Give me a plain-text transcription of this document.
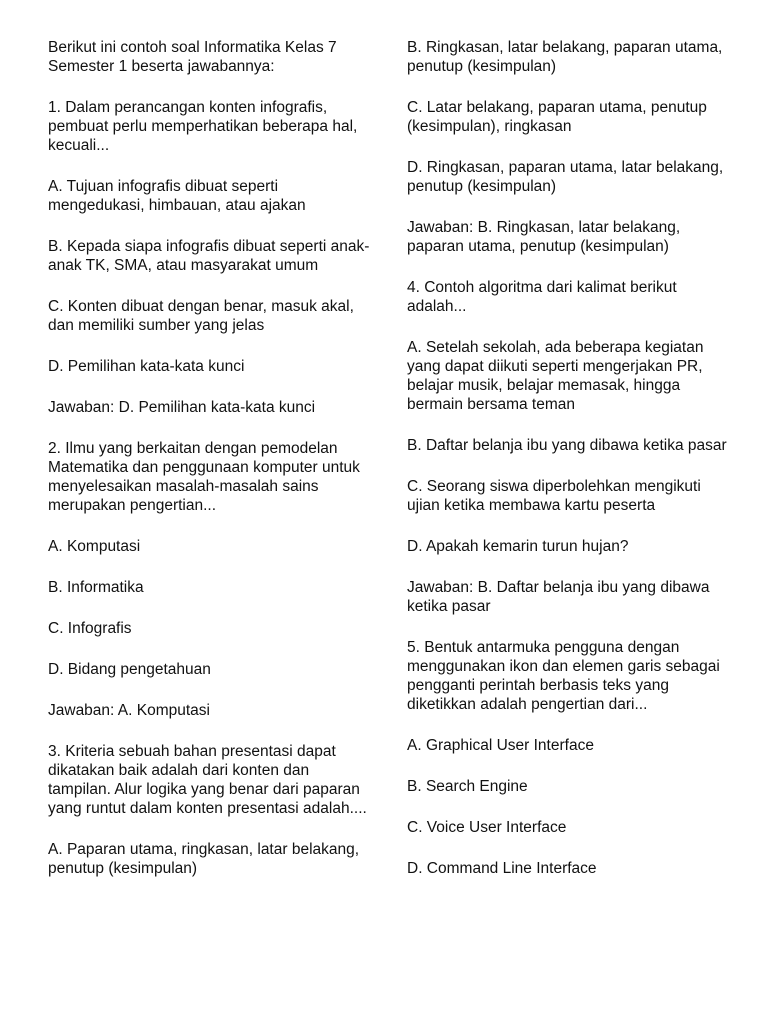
Berikut ini contoh soal Informatika Kelas 7 Semester 1 beserta jawabannya:

1. Dalam perancangan konten infografis, pembuat perlu memperhatikan beberapa hal, kecuali...

A. Tujuan infografis dibuat seperti mengedukasi, himbauan, atau ajakan

B. Kepada siapa infografis dibuat seperti anak-anak TK, SMA, atau masyarakat umum

C. Konten dibuat dengan benar, masuk akal, dan memiliki sumber yang jelas

D. Pemilihan kata-kata kunci

Jawaban: D. Pemilihan kata-kata kunci

2. Ilmu yang berkaitan dengan pemodelan Matematika dan penggunaan komputer untuk menyelesaikan masalah-masalah sains merupakan pengertian...

A. Komputasi

B. Informatika

C. Infografis

D. Bidang pengetahuan

Jawaban: A. Komputasi

3. Kriteria sebuah bahan presentasi dapat dikatakan baik adalah dari konten dan tampilan. Alur logika yang benar dari paparan yang runtut dalam konten presentasi adalah....

A. Paparan utama, ringkasan, latar belakang, penutup (kesimpulan)

B. Ringkasan, latar belakang, paparan utama, penutup (kesimpulan)

C. Latar belakang, paparan utama, penutup (kesimpulan), ringkasan

D. Ringkasan, paparan utama, latar belakang, penutup (kesimpulan)

Jawaban: B. Ringkasan, latar belakang, paparan utama, penutup (kesimpulan)

4. Contoh algoritma dari kalimat berikut adalah...

A. Setelah sekolah, ada beberapa kegiatan yang dapat diikuti seperti mengerjakan PR, belajar musik, belajar memasak, hingga bermain bersama teman

B. Daftar belanja ibu yang dibawa ketika pasar

C. Seorang siswa diperbolehkan mengikuti ujian ketika membawa kartu peserta

D. Apakah kemarin turun hujan?

Jawaban: B. Daftar belanja ibu yang dibawa ketika pasar

5. Bentuk antarmuka pengguna dengan menggunakan ikon dan elemen garis sebagai pengganti perintah berbasis teks yang diketikkan adalah pengertian dari...

A. Graphical User Interface

B. Search Engine

C. Voice User Interface

D. Command Line Interface
